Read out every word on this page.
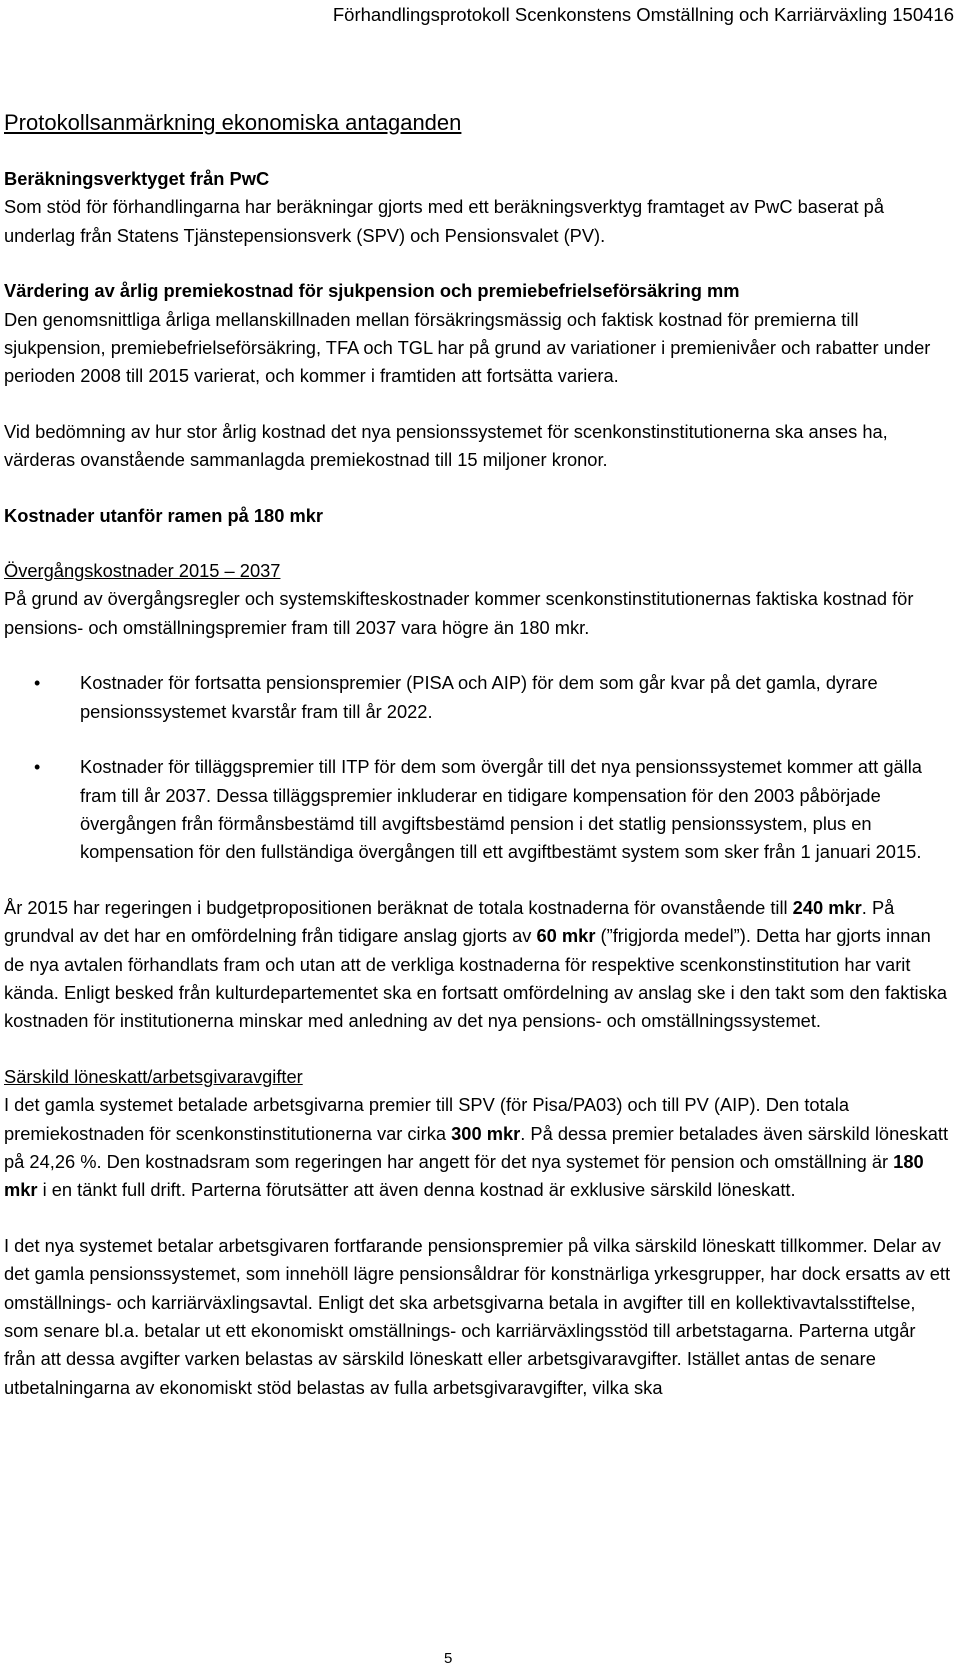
Förhandlingsprotokoll Scenkonstens Omställning och Karriärväxling 150416
Protokollsanmärkning ekonomiska antaganden

Beräkningsverktyget från PwC

Som stöd för förhandlingarna har beräkningar gjorts med ett beräkningsverktyg framtaget av PwC baserat på underlag från Statens Tjänstepensionsverk (SPV) och Pensionsvalet (PV).

Värdering av årlig premiekostnad för sjukpension och premiebefrielseförsäkring mm

Den genomsnittliga årliga mellanskillnaden mellan försäkringsmässig och faktisk kostnad för premierna till sjukpension, premiebefrielseförsäkring, TFA och TGL har på grund av variationer i premienivåer och rabatter under perioden 2008 till 2015 varierat, och kommer i framtiden att fortsätta variera.

Vid bedömning av hur stor årlig kostnad det nya pensionssystemet för scenkonstinstitutionerna ska anses ha, värderas ovanstående sammanlagda premiekostnad till 15 miljoner kronor.

Kostnader utanför ramen på 180 mkr

Övergångskostnader 2015 – 2037

På grund av övergångsregler och systemskifteskostnader kommer scenkonstinstitutionernas faktiska kostnad för pensions- och omställningspremier fram till 2037 vara högre än 180 mkr.

• Kostnader för fortsatta pensionspremier (PISA och AIP) för dem som går kvar på det gamla, dyrare pensionssystemet kvarstår fram till år 2022.
• Kostnader för tilläggspremier till ITP för dem som övergår till det nya pensionssystemet kommer att gälla fram till år 2037. Dessa tilläggspremier inkluderar en tidigare kompensation för den 2003 påbörjade övergången från förmånsbestämd till avgiftsbestämd pension i det statlig pensionssystem, plus en kompensation för den fullständiga övergången till ett avgiftbestämt system som sker från 1 januari 2015.

År 2015 har regeringen i budgetpropositionen beräknat de totala kostnaderna för ovanstående till 240 mkr. På grundval av det har en omfördelning från tidigare anslag gjorts av 60 mkr (”frigjorda medel”). Detta har gjorts innan de nya avtalen förhandlats fram och utan att de verkliga kostnaderna för respektive scenkonstinstitution har varit kända. Enligt besked från kulturdepartementet ska en fortsatt omfördelning av anslag ske i den takt som den faktiska kostnaden för institutionerna minskar med anledning av det nya pensions- och omställningssystemet.

Särskild löneskatt/arbetsgivaravgifter

I det gamla systemet betalade arbetsgivarna premier till SPV (för Pisa/PA03) och till PV (AIP). Den totala premiekostnaden för scenkonstinstitutionerna var cirka 300 mkr. På dessa premier betalades även särskild löneskatt på 24,26 %. Den kostnadsram som regeringen har angett för det nya systemet för pension och omställning är 180 mkr i en tänkt full drift. Parterna förutsätter att även denna kostnad är exklusive särskild löneskatt.

I det nya systemet betalar arbetsgivaren fortfarande pensionspremier på vilka särskild löneskatt tillkommer. Delar av det gamla pensionssystemet, som innehöll lägre pensionsåldrar för konstnärliga yrkesgrupper, har dock ersatts av ett omställnings- och karriärväxlingsavtal. Enligt det ska arbetsgivarna betala in avgifter till en kollektivavtalsstiftelse, som senare bl.a. betalar ut ett ekonomiskt omställnings- och karriärväxlingsstöd till arbetstagarna. Parterna utgår från att dessa avgifter varken belastas av särskild löneskatt eller arbetsgivaravgifter. Istället antas de senare utbetalningarna av ekonomiskt stöd belastas av fulla arbetsgivaravgifter, vilka ska

5
